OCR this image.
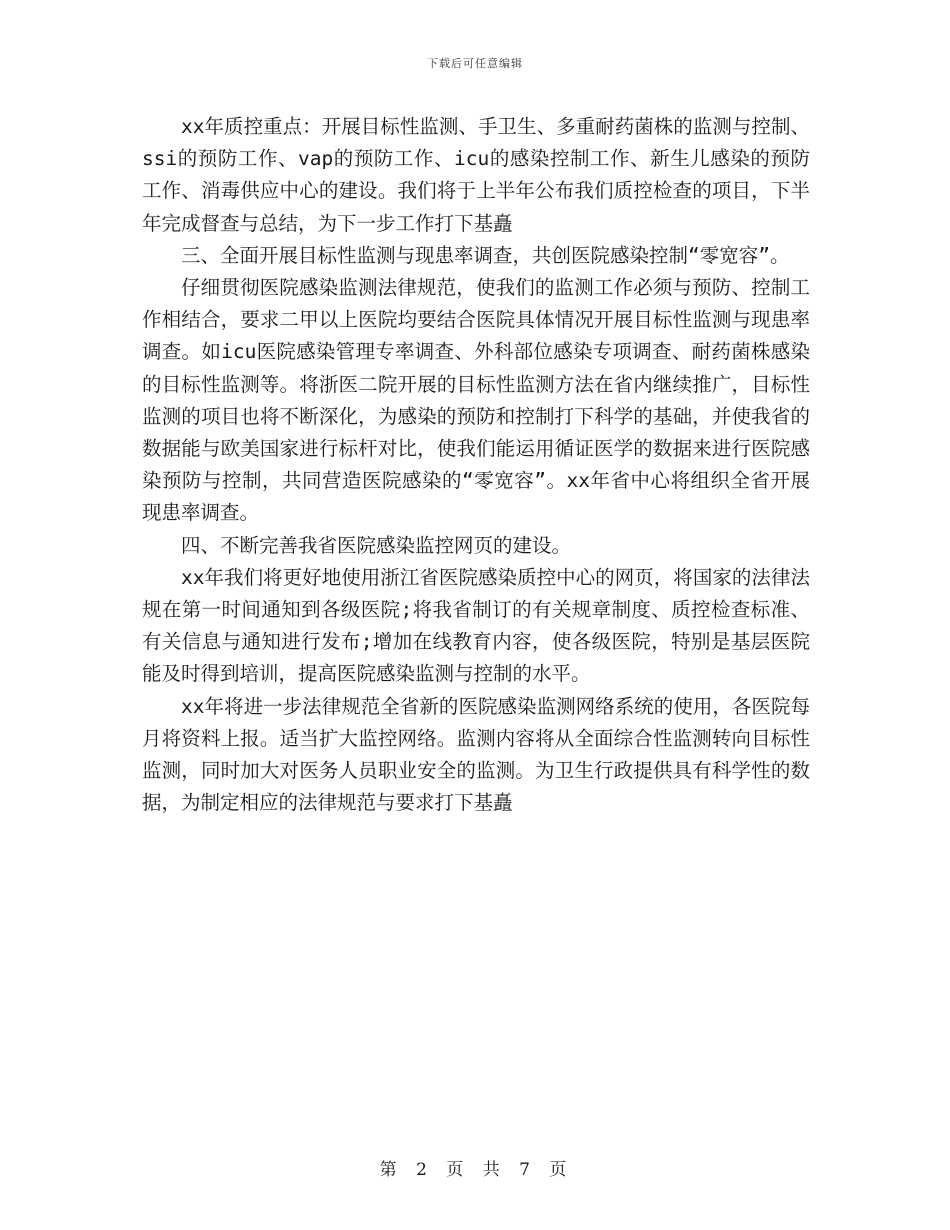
下载后可任意编辑

xx年质控重点：开展目标性监测、手卫生、多重耐药菌株的监测与控制、ssi的预防工作、vap的预防工作、icu的感染控制工作、新生儿感染的预防工作、消毒供应中心的建设。我们将于上半年公布我们质控检查的项目，下半年完成督查与总结，为下一步工作打下基矗

三、全面开展目标性监测与现患率调查，共创医院感染控制“零宽容”。

仔细贯彻医院感染监测法律规范，使我们的监测工作必须与预防、控制工作相结合，要求二甲以上医院均要结合医院具体情况开展目标性监测与现患率调查。如icu医院感染管理专率调查、外科部位感染专项调查、耐药菌株感染的目标性监测等。将浙医二院开展的目标性监测方法在省内继续推广，目标性监测的项目也将不断深化，为感染的预防和控制打下科学的基础，并使我省的数据能与欧美国家进行标杆对比，使我们能运用循证医学的数据来进行医院感染预防与控制，共同营造医院感染的“零宽容”。xx年省中心将组织全省开展现患率调查。

四、不断完善我省医院感染监控网页的建设。

xx年我们将更好地使用浙江省医院感染质控中心的网页，将国家的法律法规在第一时间通知到各级医院;将我省制订的有关规章制度、质控检查标准、有关信息与通知进行发布;增加在线教育内容，使各级医院，特别是基层医院能及时得到培训，提高医院感染监测与控制的水平。

xx年将进一步法律规范全省新的医院感染监测网络系统的使用，各医院每月将资料上报。适当扩大监控网络。监测内容将从全面综合性监测转向目标性监测，同时加大对医务人员职业安全的监测。为卫生行政提供具有科学性的数据，为制定相应的法律规范与要求打下基矗

第 2 页 共 7 页
